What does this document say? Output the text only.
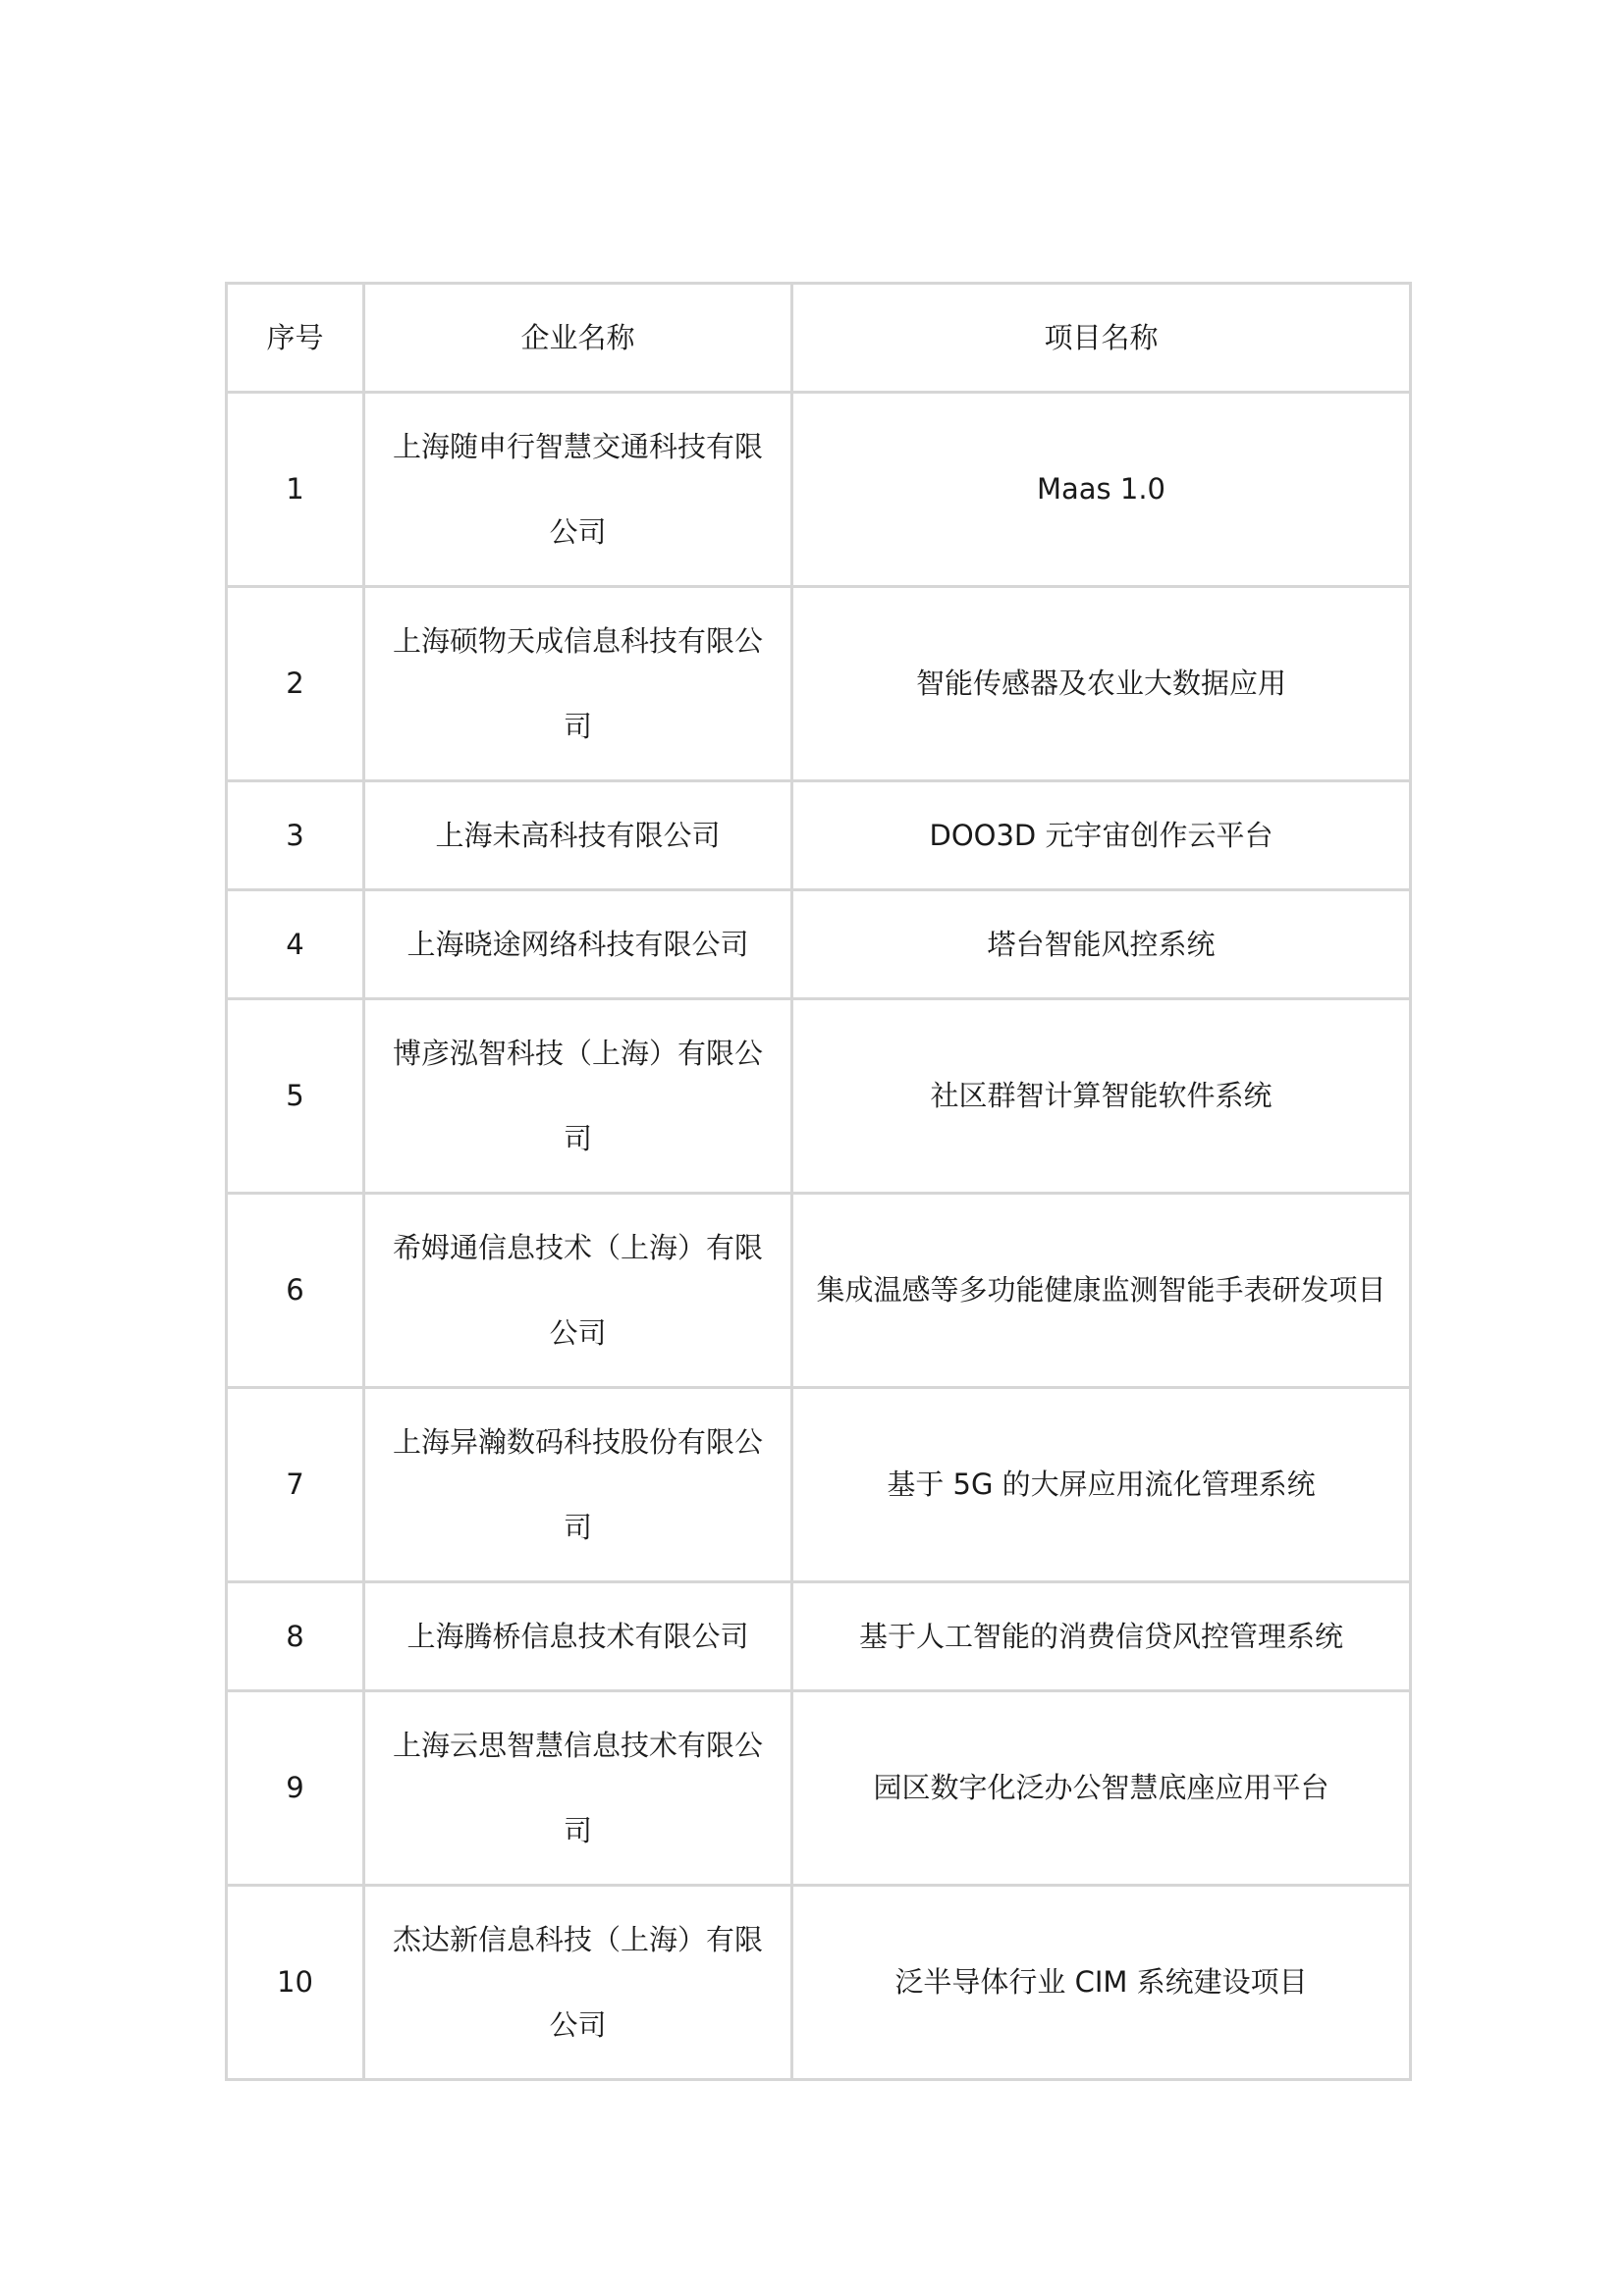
序号	企业名称	项目名称
1	上海随申行智慧交通科技有限公司	Maas 1.0
2	上海硕物天成信息科技有限公司	智能传感器及农业大数据应用
3	上海未高科技有限公司	DOO3D 元宇宙创作云平台
4	上海晓途网络科技有限公司	塔台智能风控系统
5	博彦泓智科技（上海）有限公司	社区群智计算智能软件系统
6	希姆通信息技术（上海）有限公司	集成温感等多功能健康监测智能手表研发项目
7	上海异瀚数码科技股份有限公司	基于 5G 的大屏应用流化管理系统
8	上海腾桥信息技术有限公司	基于人工智能的消费信贷风控管理系统
9	上海云思智慧信息技术有限公司	园区数字化泛办公智慧底座应用平台
10	杰达新信息科技（上海）有限公司	泛半导体行业 CIM 系统建设项目
